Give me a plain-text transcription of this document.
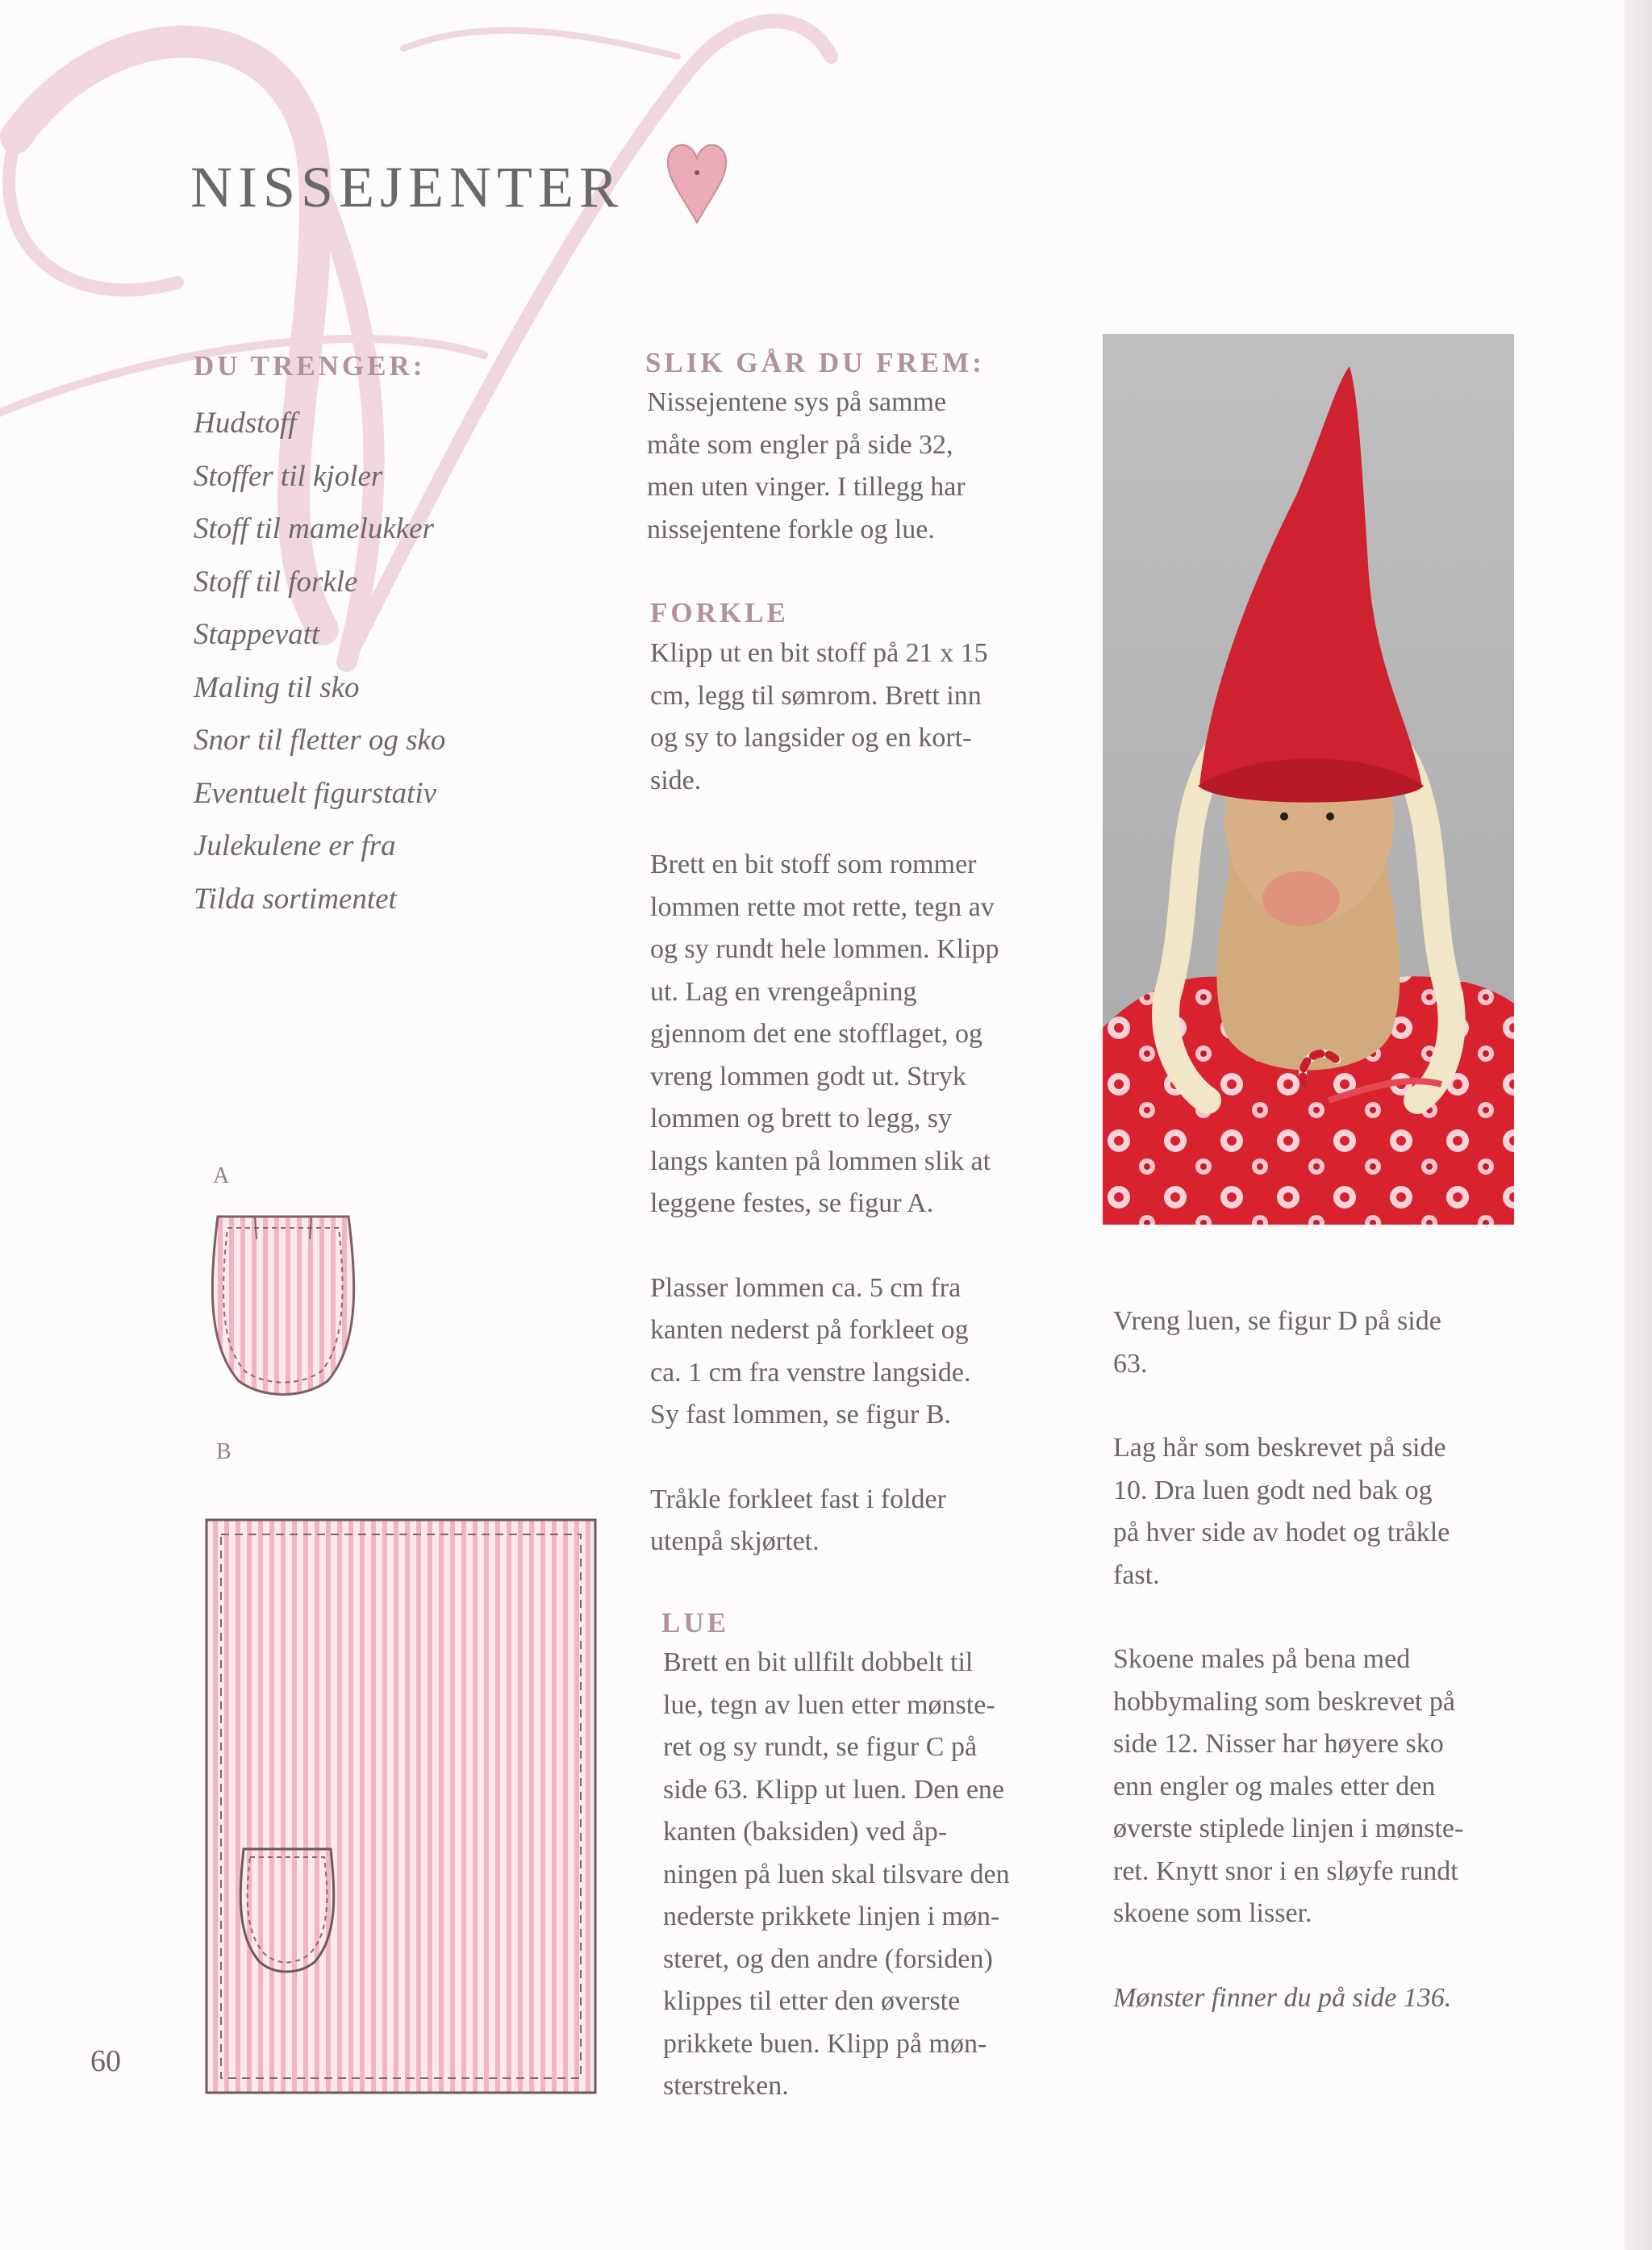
NISSEJENTER
DU TRENGER:
Hudstoff
Stoffer til kjoler
Stoff til mamelukker
Stoff til forkle
Stappevatt
Maling til sko
Snor til fletter og sko
Eventuelt figurstativ
Julekulene er fra
Tilda sortimentet
SLIK GÅR DU FREM:

Nissejentene sys på samme

måte som engler på side 32,

men uten vinger. I tillegg har

nissejentene forkle og lue.

FORKLE

Klipp ut en bit stoff på 21 x 15

cm, legg til sømrom. Brett inn

og sy to langsider og en kort-

side.

Brett en bit stoff som rommer

lommen rette mot rette, tegn av

og sy rundt hele lommen. Klipp

ut. Lag en vrengeåpning

gjennom det ene stofflaget, og

vreng lommen godt ut. Stryk

lommen og brett to legg, sy

langs kanten på lommen slik at

leggene festes, se figur A.

Plasser lommen ca. 5 cm fra

kanten nederst på forkleet og

ca. 1 cm fra venstre langside.

Sy fast lommen, se figur B.

Tråkle forkleet fast i folder

utenpå skjørtet.

LUE

Brett en bit ullfilt dobbelt til

lue, tegn av luen etter mønste-

ret og sy rundt, se figur C på

side 63. Klipp ut luen. Den ene

kanten (baksiden) ved åp-

ningen på luen skal tilsvare den

nederste prikkete linjen i møn-

steret, og den andre (forsiden)

klippes til etter den øverste

prikkete buen. Klipp på møn-

sterstreken.

Vreng luen, se figur D på side

63.

Lag hår som beskrevet på side

10. Dra luen godt ned bak og

på hver side av hodet og tråkle

fast.

Skoene males på bena med

hobbymaling som beskrevet på

side 12. Nisser har høyere sko

enn engler og males etter den

øverste stiplede linjen i mønste-

ret. Knytt snor i en sløyfe rundt

skoene som lisser.

Mønster finner du på side 136.

A
B
60
